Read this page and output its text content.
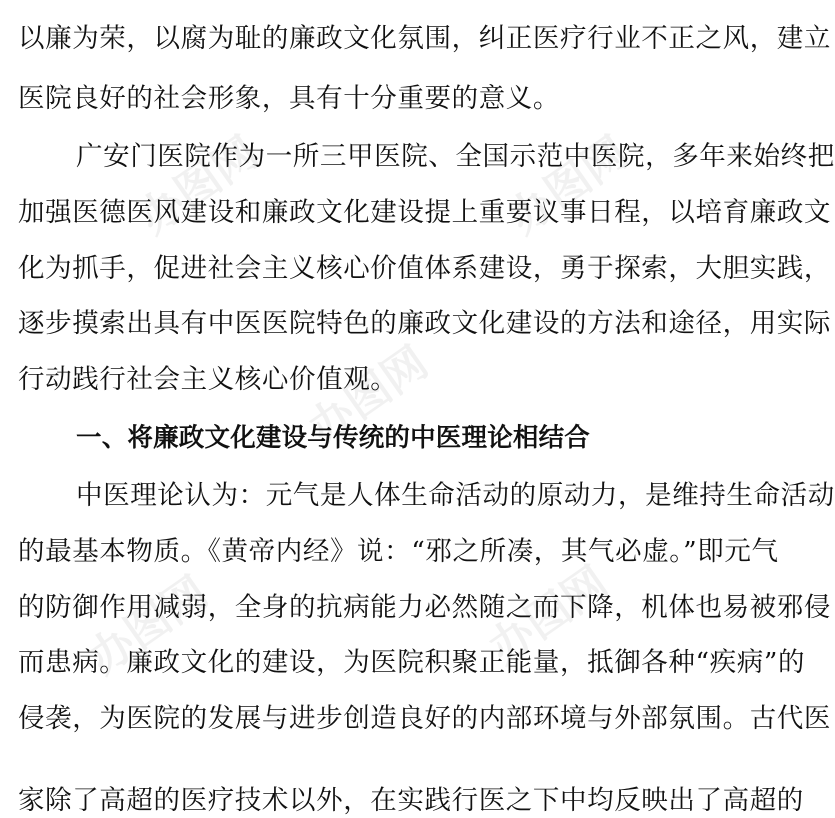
办图网	办图网
办图网
办图网	办图网
以廉为荣，以腐为耻的廉政文化氛围，纠正医疗行业不正之风，建立
医院良好的社会形象，具有十分重要的意义。
广安门医院作为一所三甲医院、全国示范中医院，多年来始终把
加强医德医风建设和廉政文化建设提上重要议事日程，以培育廉政文
化为抓手，促进社会主义核心价值体系建设，勇于探索，大胆实践，
逐步摸索出具有中医医院特色的廉政文化建设的方法和途径，用实际
行动践行社会主义核心价值观。
一、将廉政文化建设与传统的中医理论相结合
中医理论认为：元气是人体生命活动的原动力，是维持生命活动
的最基本物质。《黄帝内经》说：“邪之所凑，其气必虚。”即元气
的防御作用减弱，全身的抗病能力必然随之而下降，机体也易被邪侵
而患病。廉政文化的建设，为医院积聚正能量，抵御各种“疾病”的
侵袭，为医院的发展与进步创造良好的内部环境与外部氛围。古代医
家除了高超的医疗技术以外，在实践行医之下中均反映出了高超的
